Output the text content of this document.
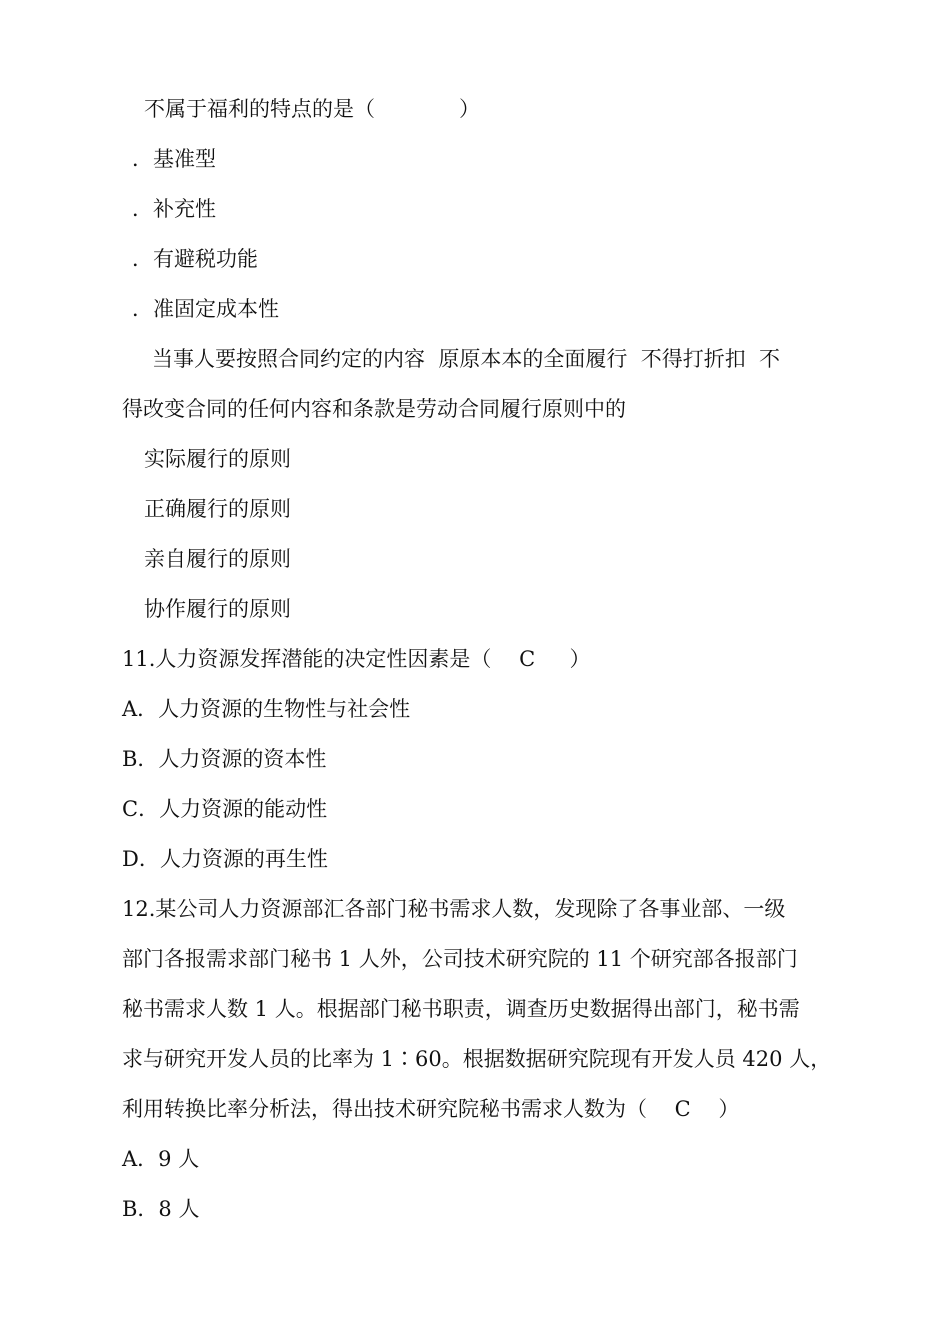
不属于福利的特点的是（　　　　）
．基准型
．补充性
．有避税功能
．准固定成本性
当事人要按照合同约定的内容  原原本本的全面履行  不得打折扣  不
得改变合同的任何内容和条款是劳动合同履行原则中的
实际履行的原则
正确履行的原则
亲自履行的原则
协作履行的原则
11.人力资源发挥潜能的决定性因素是（　 C 　 ）
A．人力资源的生物性与社会性
B．人力资源的资本性
C．人力资源的能动性
D．人力资源的再生性
12.某公司人力资源部汇各部门秘书需求人数，发现除了各事业部、一级
部门各报需求部门秘书 1 人外，公司技术研究院的 11 个研究部各报部门
秘书需求人数 1 人。根据部门秘书职责，调查历史数据得出部门，秘书需
求与研究开发人员的比率为 1∶60。根据数据研究院现有开发人员 420 人，
利用转换比率分析法，得出技术研究院秘书需求人数为（　 C 　）
A．9 人
B．8 人
